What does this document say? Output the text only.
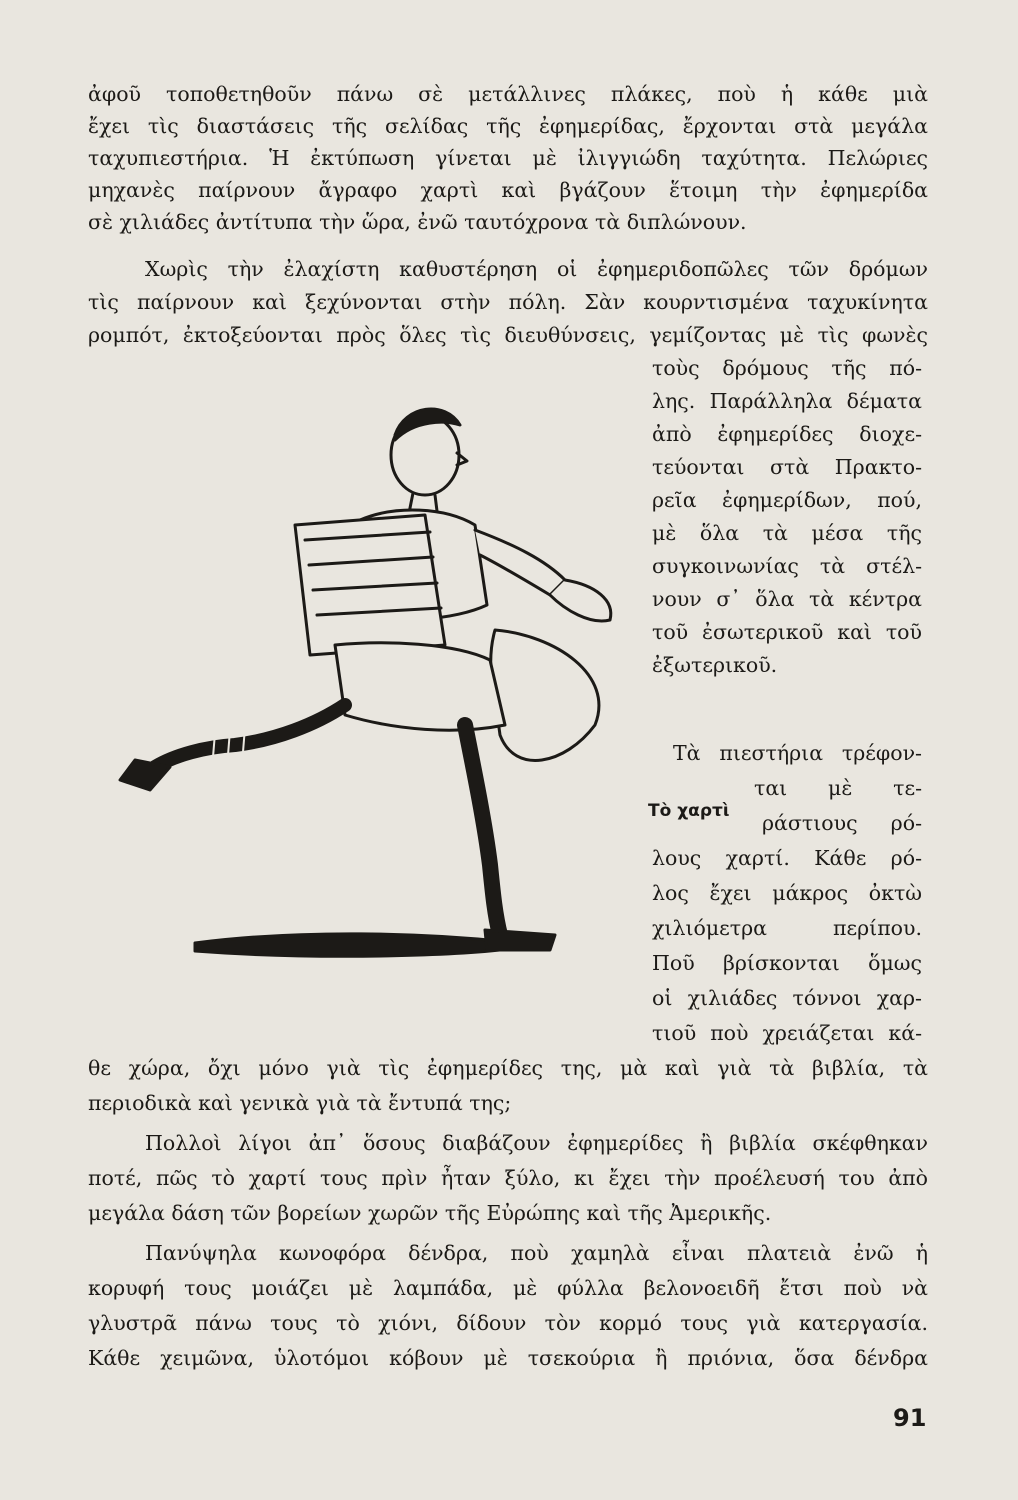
ἀφοῦ τοποθετηθοῦν πάνω σὲ μετάλλινες πλάκες, ποὺ ἡ κάθε μιὰ

ἔχει τὶς διαστάσεις τῆς σελίδας τῆς ἐφημερίδας, ἔρχονται στὰ μεγάλα

ταχυπιεστήρια. Ἡ ἐκτύπωση γίνεται μὲ ἰλιγγιώδη ταχύτητα. Πελώριες

μηχανὲς παίρνουν ἄγραφο χαρτὶ καὶ βγάζουν ἕτοιμη τὴν ἐφημερίδα

σὲ χιλιάδες ἀντίτυπα τὴν ὥρα, ἐνῶ ταυτόχρονα τὰ διπλώνουν.

Χωρὶς τὴν ἐλαχίστη καθυστέρηση οἱ ἐφημεριδοπῶλες τῶν δρόμων

τὶς παίρνουν καὶ ξεχύνονται στὴν πόλη. Σὰν κουρντισμένα ταχυκίνητα

ρομπότ, ἐκτοξεύονται πρὸς ὅλες τὶς διευθύνσεις, γεμίζοντας μὲ τὶς φωνὲς

τοὺς δρόμους τῆς πό-

λης. Παράλληλα δέματα

ἀπὸ ἐφημερίδες διοχε-

τεύονται στὰ Πρακτο-

ρεῖα ἐφημερίδων, πού,

μὲ ὅλα τὰ μέσα τῆς

συγκοινωνίας τὰ στέλ-

νουν σ᾿ ὅλα τὰ κέντρα

τοῦ ἐσωτερικοῦ καὶ τοῦ

ἐξωτερικοῦ.

Τὰ πιεστήρια τρέφον-

Τὸ χαρτὶ

ται μὲ τε-

ράστιους ρό-

λους χαρτί. Κάθε ρό-

λος ἔχει μάκρος ὀκτὼ

χιλιόμετρα περίπου.

Ποῦ βρίσκονται ὅμως

οἱ χιλιάδες τόννοι χαρ-

τιοῦ ποὺ χρειάζεται κά-

θε χώρα, ὄχι μόνο γιὰ τὶς ἐφημερίδες της, μὰ καὶ γιὰ τὰ βιβλία, τὰ

περιοδικὰ καὶ γενικὰ γιὰ τὰ ἔντυπά της;

Πολλοὶ λίγοι ἀπ᾿ ὅσους διαβάζουν ἐφημερίδες ἢ βιβλία σκέφθηκαν

ποτέ, πῶς τὸ χαρτί τους πρὶν ἦταν ξύλο, κι ἔχει τὴν προέλευσή του ἀπὸ

μεγάλα δάση τῶν βορείων χωρῶν τῆς Εὐρώπης καὶ τῆς Ἀμερικῆς.

Πανύψηλα κωνοφόρα δένδρα, ποὺ χαμηλὰ εἶναι πλατειὰ ἐνῶ ἡ

κορυφή τους μοιάζει μὲ λαμπάδα, μὲ φύλλα βελονοειδῆ ἔτσι ποὺ νὰ

γλυστρᾶ πάνω τους τὸ χιόνι, δίδουν τὸν κορμό τους γιὰ κατεργασία.

Κάθε χειμῶνα, ὑλοτόμοι κόβουν μὲ τσεκούρια ἢ πριόνια, ὅσα δένδρα

91
